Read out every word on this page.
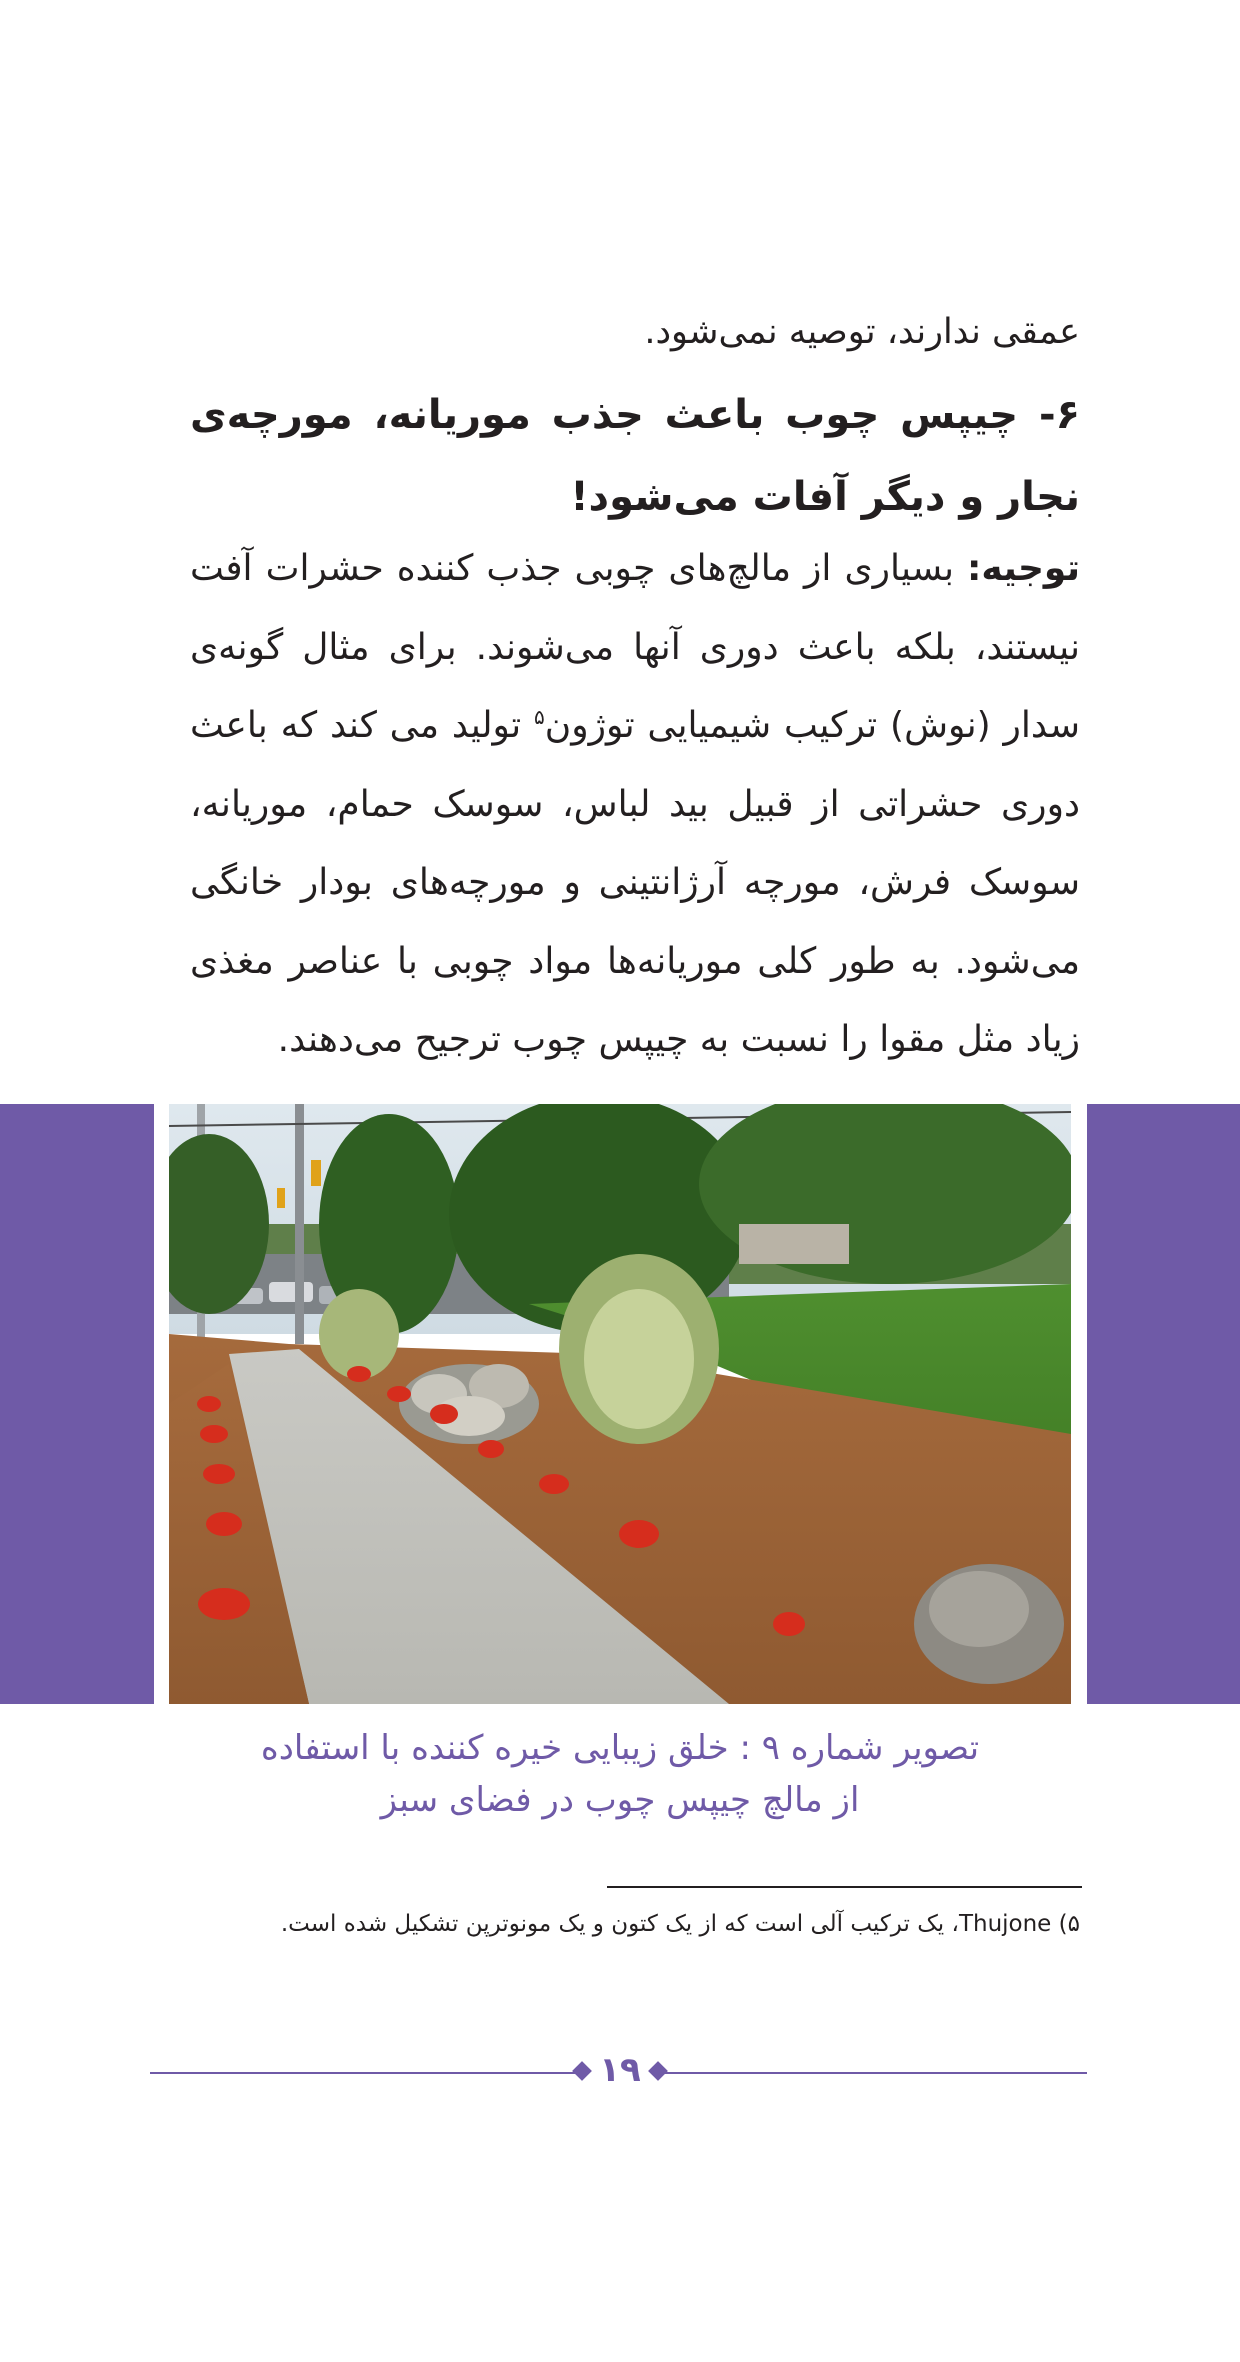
عمقی ندارند، توصیه نمی‌شود.
۶- چیپس چوب باعث جذب موریانه، مورچه‌ی نجار و دیگر آفات می‌شود!
توجیه: بسیاری از مالچ‌های چوبی جذب کننده حشرات آفت نیستند، بلکه باعث دوری آنها می‌شوند. برای مثال گونه‌ی سدار (نوش) ترکیب شیمیایی توژون$^۵$ تولید می کند که باعث دوری حشراتی از قبیل بید لباس، سوسک حمام، موریانه، سوسک فرش، مورچه آرژانتینی و مورچه‌های بودار خانگی می‌شود. به طور کلی موریانه‌ها مواد چوبی با عناصر مغذی زیاد مثل مقوا را نسبت به چیپس چوب ترجیح می‌دهند.
تصویر شماره ۹ : خلق زیبایی خیره کننده با استفاده
از مالچ چیپس چوب در فضای سبز
۵) Thujone، یک ترکیب آلی است که از یک کتون و یک مونوترپن تشکیل شده است.
۱۹
